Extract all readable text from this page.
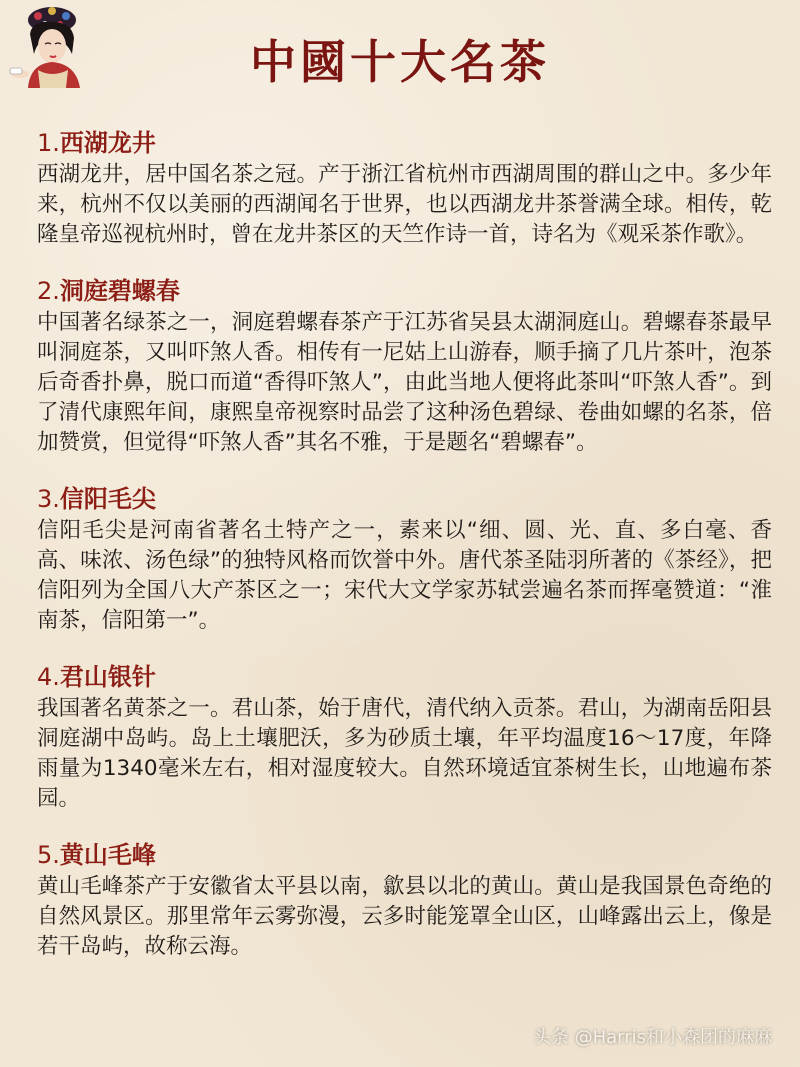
中國十大名茶
1.西湖龙井
西湖龙井，居中国名茶之冠。产于浙江省杭州市西湖周围的群山之中。多少年来，杭州不仅以美丽的西湖闻名于世界，也以西湖龙井茶誉满全球。相传，乾隆皇帝巡视杭州时，曾在龙井茶区的天竺作诗一首，诗名为《观采茶作歌》。
2.洞庭碧螺春
中国著名绿茶之一，洞庭碧螺春茶产于江苏省吴县太湖洞庭山。碧螺春茶最早叫洞庭茶，又叫吓煞人香。相传有一尼姑上山游春，顺手摘了几片茶叶，泡茶后奇香扑鼻，脱口而道“香得吓煞人”，由此当地人便将此茶叫“吓煞人香”。到了清代康熙年间，康熙皇帝视察时品尝了这种汤色碧绿、卷曲如螺的名茶，倍加赞赏，但觉得“吓煞人香”其名不雅，于是题名“碧螺春”。
3.信阳毛尖
信阳毛尖是河南省著名土特产之一，素来以“细、圆、光、直、多白毫、香高、味浓、汤色绿”的独特风格而饮誉中外。唐代茶圣陆羽所著的《茶经》，把信阳列为全国八大产茶区之一；宋代大文学家苏轼尝遍名茶而挥毫赞道：“淮南茶，信阳第一”。
4.君山银针
我国著名黄茶之一。君山茶，始于唐代，清代纳入贡茶。君山，为湖南岳阳县洞庭湖中岛屿。岛上土壤肥沃，多为砂质土壤，年平均温度16～17度，年降雨量为1340毫米左右，相对湿度较大。自然环境适宜茶树生长，山地遍布茶园。
5.黄山毛峰
黄山毛峰茶产于安徽省太平县以南，歙县以北的黄山。黄山是我国景色奇绝的自然风景区。那里常年云雾弥漫，云多时能笼罩全山区，山峰露出云上，像是若干岛屿，故称云海。
头条 @Harris和小森团的麻麻
